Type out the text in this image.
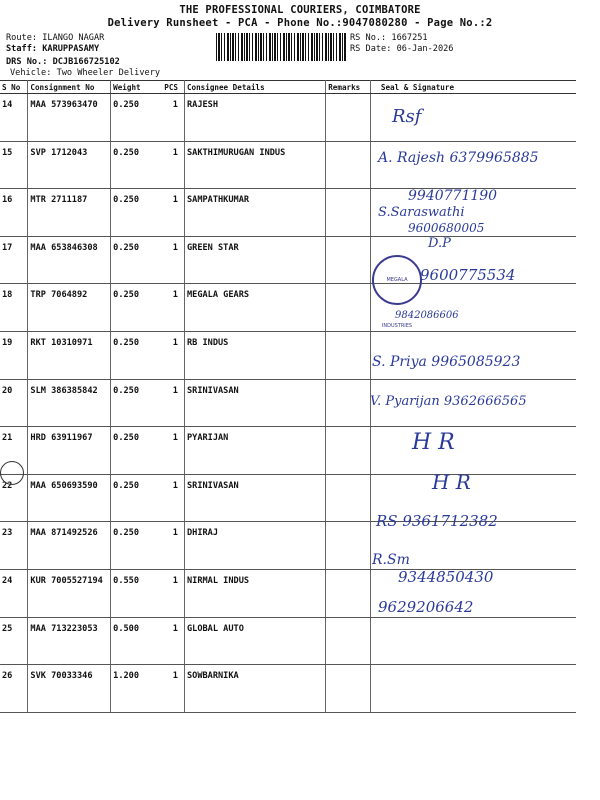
THE PROFESSIONAL COURIERS, COIMBATORE
Delivery Runsheet - PCA - Phone No.:9047080280 - Page No.:2
Route: ILANGO NAGAR
Staff: KARUPPASAMY
DRS No.: DCJB166725102
Vehicle: Two Wheeler Delivery
RS No.: 1667251
RS Date: 06-Jan-2026
S No	Consignment No	Weight	PCS	Consignee Details	Remarks	Seal & Signature
14	MAA 573963470	0.250	1	RAJESH		
15	SVP 1712043	0.250	1	SAKTHIMURUGAN INDUS		
16	MTR 2711187	0.250	1	SAMPATHKUMAR		
17	MAA 653846308	0.250	1	GREEN STAR		
18	TRP 7064892	0.250	1	MEGALA GEARS		
19	RKT 10310971	0.250	1	RB INDUS		
20	SLM 386385842	0.250	1	SRINIVASAN		
21	HRD 63911967	0.250	1	PYARIJAN		
22	MAA 650693590	0.250	1	SRINIVASAN		
23	MAA 871492526	0.250	1	DHIRAJ		
24	KUR 7005527194	0.550	1	NIRMAL INDUS		
25	MAA 713223053	0.500	1	GLOBAL AUTO		
26	SVK 70033346	1.200	1	SOWBARNIKA		
MEGALA INDUSTRIES
Rsf
A. Rajesh 6379965885
9940771190
S.Saraswathi
9600680005
D.P
9600775534
9842086606
S. Priya 9965085923
V. Pyarijan 9362666565
H R
H R
RS 9361712382
R.Sm
9344850430
9629206642
